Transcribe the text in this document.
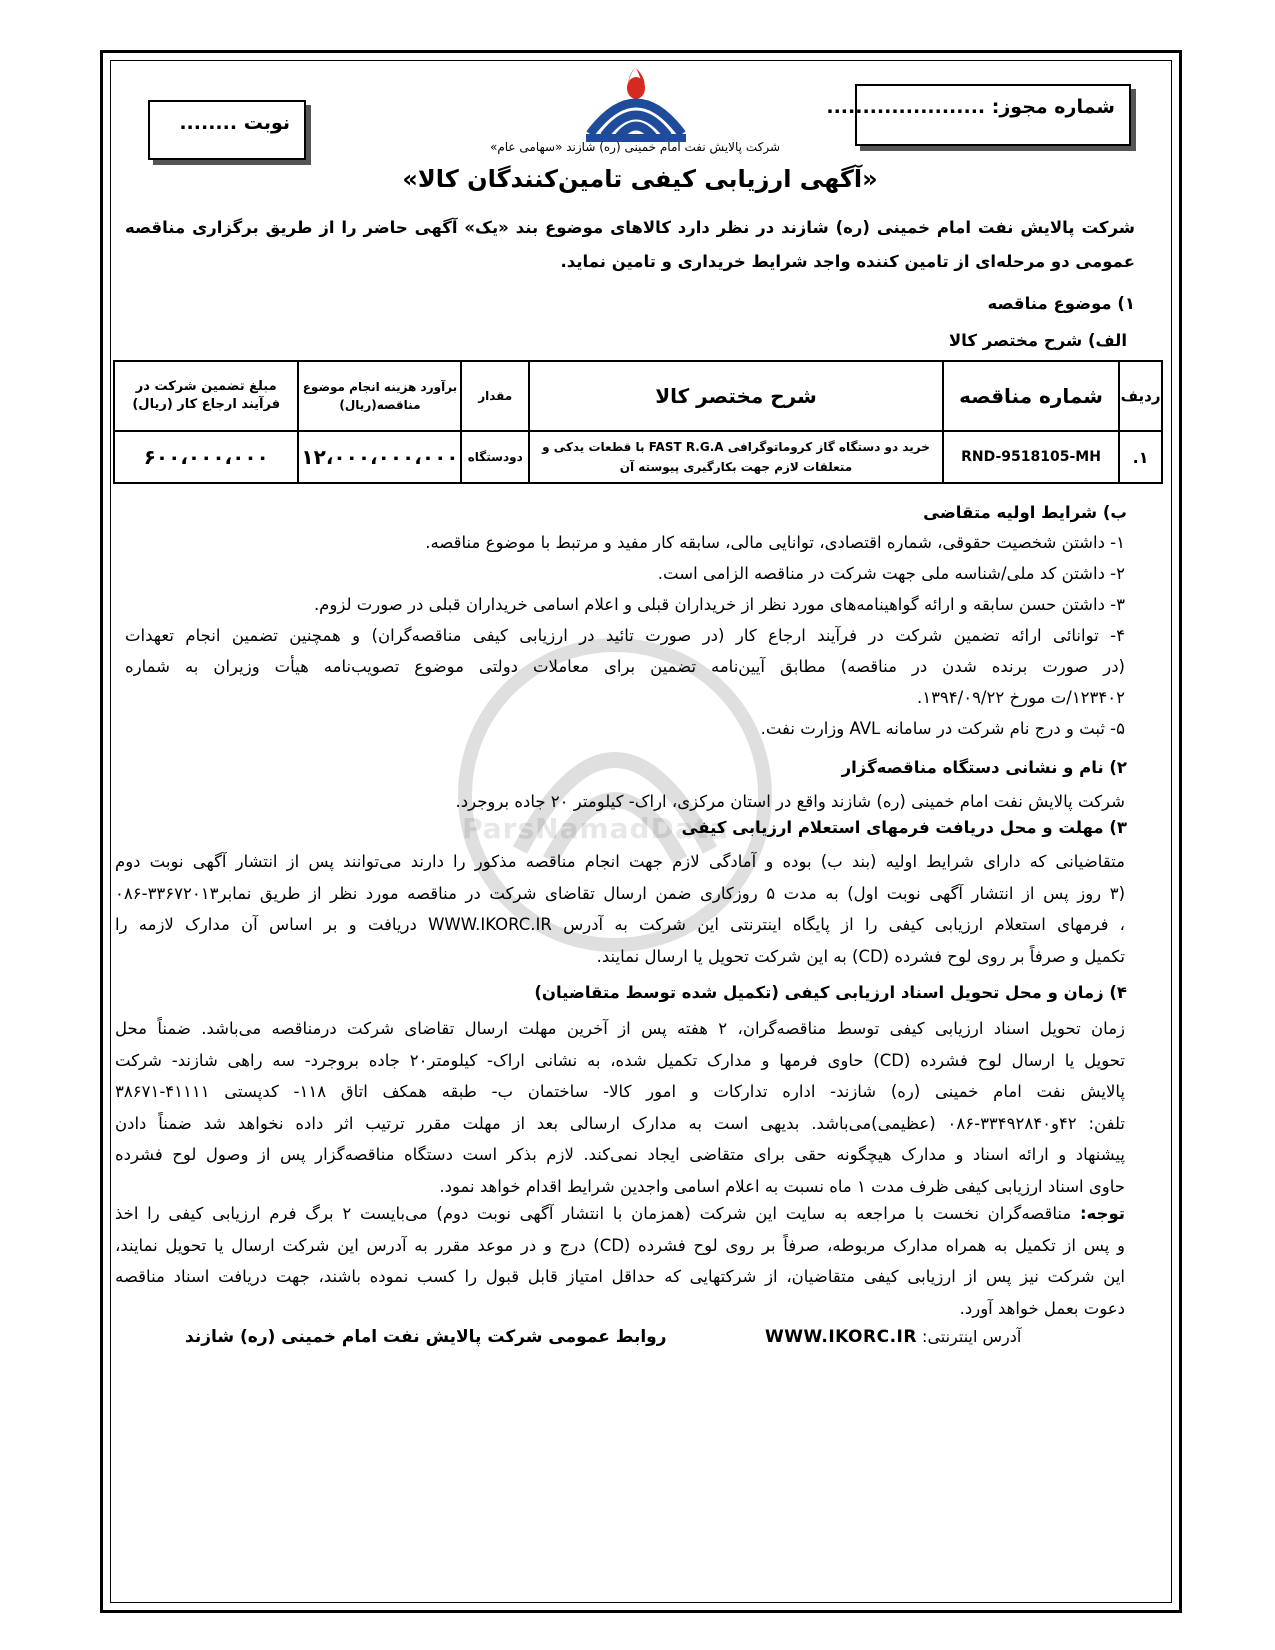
ParsNamadData
شماره مجوز: ......................
نوبت ........
شرکت پالایش نفت امام خمینی (ره) شازند «سهامی عام»
«آگهی ارزیابی کیفی تامین‌کنندگان کالا»
شرکت پالایش نفت امام خمینی (ره) شازند در نظر دارد کالاهای موضوع بند «یک» آگهی حاضر را از طریق برگزاری مناقصه عمومی دو مرحله‌ای از تامین کننده واجد شرایط خریداری و تامین نماید.
۱) موضوع مناقصه
الف) شرح مختصر کالا
ردیف	شماره مناقصه	شرح مختصر کالا	مقدار	برآورد هزینه انجام موضوع مناقصه(ریال)	مبلغ تضمین شرکت در فرآیند ارجاع کار (ریال)
۱.	RND-9518105-MH	خرید دو دستگاه گاز کروماتوگرافی FAST R.G.A با قطعات یدکی و
متعلقات لازم جهت بکارگیری پیوسته آن	دودستگاه	۱۲،۰۰۰،۰۰۰،۰۰۰	۶۰۰،۰۰۰،۰۰۰
ب) شرایط اولیه متقاضی
۱- داشتن شخصیت حقوقی، شماره اقتصادی، توانایی مالی، سابقه کار مفید و مرتبط با موضوع مناقصه.
۲- داشتن کد ملی/شناسه ملی جهت شرکت در مناقصه الزامی است.
۳- داشتن حسن سابقه و ارائه گواهینامه‌های مورد نظر از خریداران قبلی و اعلام اسامی خریداران قبلی در صورت لزوم.
۴- توانائی ارائه تضمین شرکت در فرآیند ارجاع کار (در صورت تائید در ارزیابی کیفی مناقصه‌گران) و همچنین تضمین انجام تعهدات
(در صورت برنده شدن در مناقصه) مطابق آیین‌نامه تضمین برای معاملات دولتی موضوع تصویب‌نامه هیأت وزیران به شماره
۱۲۳۴۰۲/ت مورخ ۱۳۹۴/۰۹/۲۲.
۵- ثبت و درج نام شرکت در سامانه AVL وزارت نفت.
۲) نام و نشانی دستگاه مناقصه‌گزار
شرکت پالایش نفت امام خمینی (ره) شازند واقع در استان مرکزی، اراک- کیلومتر ۲۰ جاده بروجرد.
۳) مهلت و محل دریافت فرمهای استعلام ارزیابی کیفی
متقاضیانی که دارای شرایط اولیه (بند ب) بوده و آمادگی لازم جهت انجام مناقصه مذکور را دارند می‌توانند پس از انتشار آگهی نوبت دوم
(۳ روز پس از انتشار آگهی نوبت اول) به مدت ۵ روزکاری ضمن ارسال تقاضای شرکت در مناقصه مورد نظر از طریق نمابر۳۳۶۷۲۰۱۳-۰۸۶
، فرمهای استعلام ارزیابی کیفی را از پایگاه اینترنتی این شرکت به آدرس WWW.IKORC.IR دریافت و بر اساس آن مدارک لازمه را
تکمیل و صرفاً بر روی لوح فشرده (CD) به این شرکت تحویل یا ارسال نمایند.
۴) زمان و محل تحویل اسناد ارزیابی کیفی (تکمیل شده توسط متقاضیان)
زمان تحویل اسناد ارزیابی کیفی توسط مناقصه‌گران، ۲ هفته پس از آخرین مهلت ارسال تقاضای شرکت درمناقصه می‌باشد. ضمناً محل
تحویل یا ارسال لوح فشرده (CD) حاوی فرمها و مدارک تکمیل شده، به نشانی اراک- کیلومتر۲۰ جاده بروجرد- سه راهی شازند- شرکت
پالایش نفت امام خمینی (ره) شازند- اداره تدارکات و امور کالا- ساختمان ب- طبقه همکف اتاق ۱۱۸- کدپستی ۴۱۱۱۱-۳۸۶۷۱
تلفن: ۴۲و۳۳۴۹۲۸۴۰-۰۸۶ (عظیمی)می‌باشد. بدیهی است به مدارک ارسالی بعد از مهلت مقرر ترتیب اثر داده نخواهد شد ضمناً دادن
پیشنهاد و ارائه اسناد و مدارک هیچگونه حقی برای متقاضی ایجاد نمی‌کند. لازم بذکر است دستگاه مناقصه‌گزار پس از وصول لوح فشرده
حاوی اسناد ارزیابی کیفی ظرف مدت ۱ ماه نسبت به اعلام اسامی واجدین شرایط اقدام خواهد نمود.
توجه: مناقصه‌گران نخست با مراجعه به سایت این شرکت (همزمان با انتشار آگهی نوبت دوم) می‌بایست ۲ برگ فرم ارزیابی کیفی را اخذ
و پس از تکمیل به همراه مدارک مربوطه، صرفاً بر روی لوح فشرده (CD) درج و در موعد مقرر به آدرس این شرکت ارسال یا تحویل نمایند،
این شرکت نیز پس از ارزیابی کیفی متقاضیان، از شرکتهایی که حداقل امتیاز قابل قبول را کسب نموده باشند، جهت دریافت اسناد مناقصه
دعوت بعمل خواهد آورد.
آدرس اینترنتی: WWW.IKORC.IR
روابط عمومی شرکت پالایش نفت امام خمینی (ره) شازند
